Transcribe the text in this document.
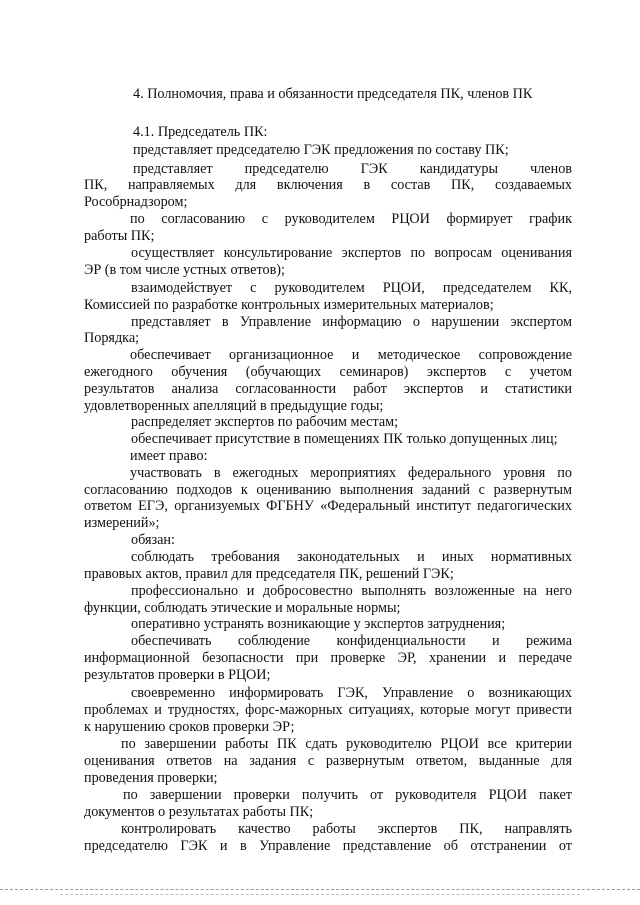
4. Полномочия, права и обязанности председателя ПК, членов ПК
4.1. Председатель ПК:
представляет председателю ГЭК предложения по составу ПК;
представляет председателю ГЭК кандидатуры членов
ПК, направляемых для включения в состав ПК, создаваемых
Рособрнадзором;
по согласованию с руководителем РЦОИ формирует график
работы ПК;
осуществляет консультирование экспертов по вопросам оценивания
ЭР (в том числе устных ответов);
взаимодействует с руководителем РЦОИ, председателем КК,
Комиссией по разработке контрольных измерительных материалов;
представляет в Управление информацию о нарушении экспертом
Порядка;
обеспечивает организационное и методическое сопровождение
ежегодного обучения (обучающих семинаров) экспертов с учетом
результатов анализа согласованности работ экспертов и статистики
удовлетворенных апелляций в предыдущие годы;
распределяет экспертов по рабочим местам;
обеспечивает присутствие в помещениях ПК только допущенных лиц;
имеет право:
участвовать в ежегодных мероприятиях федерального уровня по
согласованию подходов к оцениванию выполнения заданий с развернутым
ответом ЕГЭ, организуемых ФГБНУ «Федеральный институт педагогических
измерений»;
обязан:
соблюдать требования законодательных и иных нормативных
правовых актов, правил для председателя ПК, решений ГЭК;
профессионально и добросовестно выполнять возложенные на него
функции, соблюдать этические и моральные нормы;
оперативно устранять возникающие у экспертов затруднения;
обеспечивать соблюдение конфиденциальности и режима
информационной безопасности при проверке ЭР, хранении и передаче
результатов проверки в РЦОИ;
своевременно информировать ГЭК, Управление о возникающих
проблемах и трудностях, форс-мажорных ситуациях, которые могут привести
к нарушению сроков проверки ЭР;
по завершении работы ПК сдать руководителю РЦОИ все критерии
оценивания ответов на задания с развернутым ответом, выданные для
проведения проверки;
по завершении проверки получить от руководителя РЦОИ пакет
документов о результатах работы ПК;
контролировать качество работы экспертов ПК, направлять
председателю ГЭК и в Управление представление об отстранении от
